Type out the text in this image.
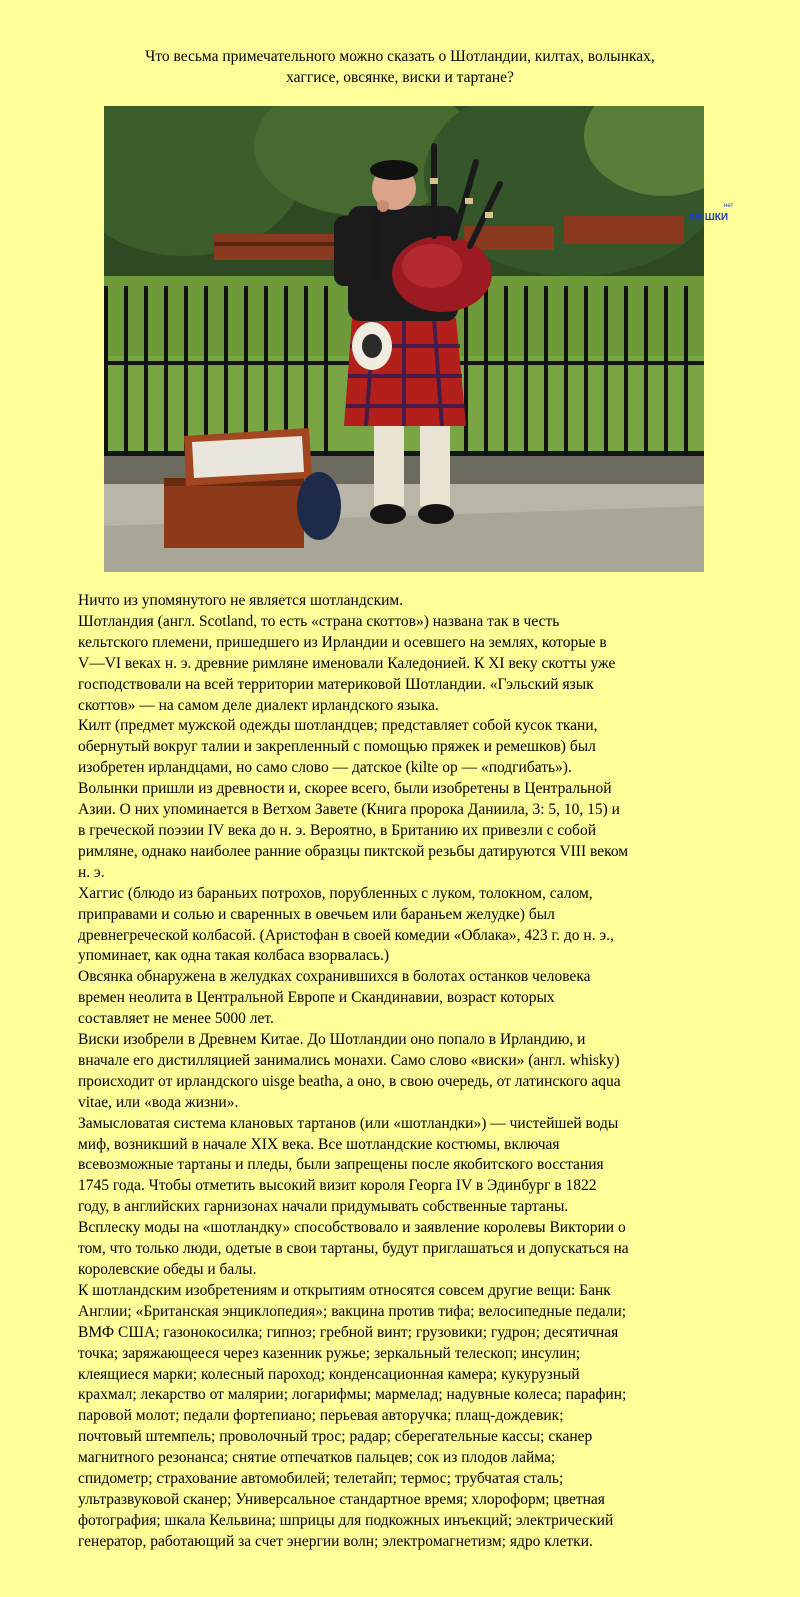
Что весьма примечательного можно сказать о Шотландии, килтах, волынках,
хаггисе, овсянке, виски и тартане?
нет
ФИШКИ
Ничто из упомянутого не является шотландским.
Шотландия (англ. Scotland, то есть «страна скоттов») названа так в честь
кельтского племени, пришедшего из Ирландии и осевшего на землях, которые в
V—VI веках н. э. древние римляне именовали Каледонией. К XI веку скотты уже
господствовали на всей территории материковой Шотландии. «Гэльский язык
скоттов» — на самом деле диалект ирландского языка.
Килт (предмет мужской одежды шотландцев; представляет собой кусок ткани,
обернутый вокруг талии и закрепленный с помощью пряжек и ремешков) был
изобретен ирландцами, но само слово — датское (kilte op — «подгибать»).
Волынки пришли из древности и, скорее всего, были изобретены в Центральной
Азии. О них упоминается в Ветхом Завете (Книга пророка Даниила, 3: 5, 10, 15) и
в греческой поэзии IV века до н. э. Вероятно, в Британию их привезли с собой
римляне, однако наиболее ранние образцы пиктской резьбы датируются VIII веком
н. э.
Хаггис (блюдо из бараньих потрохов, порубленных с луком, толокном, салом,
приправами и солью и сваренных в овечьем или бараньем желудке) был
древнегреческой колбасой. (Аристофан в своей комедии «Облака», 423 г. до н. э.,
упоминает, как одна такая колбаса взорвалась.)
Овсянка обнаружена в желудках сохранившихся в болотах останков человека
времен неолита в Центральной Европе и Скандинавии, возраст которых
составляет не менее 5000 лет.
Виски изобрели в Древнем Китае. До Шотландии оно попало в Ирландию, и
вначале его дистилляцией занимались монахи. Само слово «виски» (англ. whisky)
происходит от ирландского uisge beatha, а оно, в свою очередь, от латинского aqua
vitae, или «вода жизни».
Замысловатая система клановых тартанов (или «шотландки») — чистейшей воды
миф, возникший в начале XIX века. Все шотландские костюмы, включая
всевозможные тартаны и пледы, были запрещены после якобитского восстания
1745 года. Чтобы отметить высокий визит короля Георга IV в Эдинбург в 1822
году, в английских гарнизонах начали придумывать собственные тартаны.
Всплеску моды на «шотландку» способствовало и заявление королевы Виктории о
том, что только люди, одетые в свои тартаны, будут приглашаться и допускаться на
королевские обеды и балы.
К шотландским изобретениям и открытиям относятся совсем другие вещи: Банк
Англии; «Британская энциклопедия»; вакцина против тифа; велосипедные педали;
ВМФ США; газонокосилка; гипноз; гребной винт; грузовики; гудрон; десятичная
точка; заряжающееся через казенник ружье; зеркальный телескоп; инсулин;
клеящиеся марки; колесный пароход; конденсационная камера; кукурузный
крахмал; лекарство от малярии; логарифмы; мармелад; надувные колеса; парафин;
паровой молот; педали фортепиано; перьевая авторучка; плащ-дождевик;
почтовый штемпель; проволочный трос; радар; сберегательные кассы; сканер
магнитного резонанса; снятие отпечатков пальцев; сок из плодов лайма;
спидометр; страхование автомобилей; телетайп; термос; трубчатая сталь;
ультразвуковой сканер; Универсальное стандартное время; хлороформ; цветная
фотография; шкала Кельвина; шприцы для подкожных инъекций; электрический
генератор, работающий за счет энергии волн; электромагнетизм; ядро клетки.
